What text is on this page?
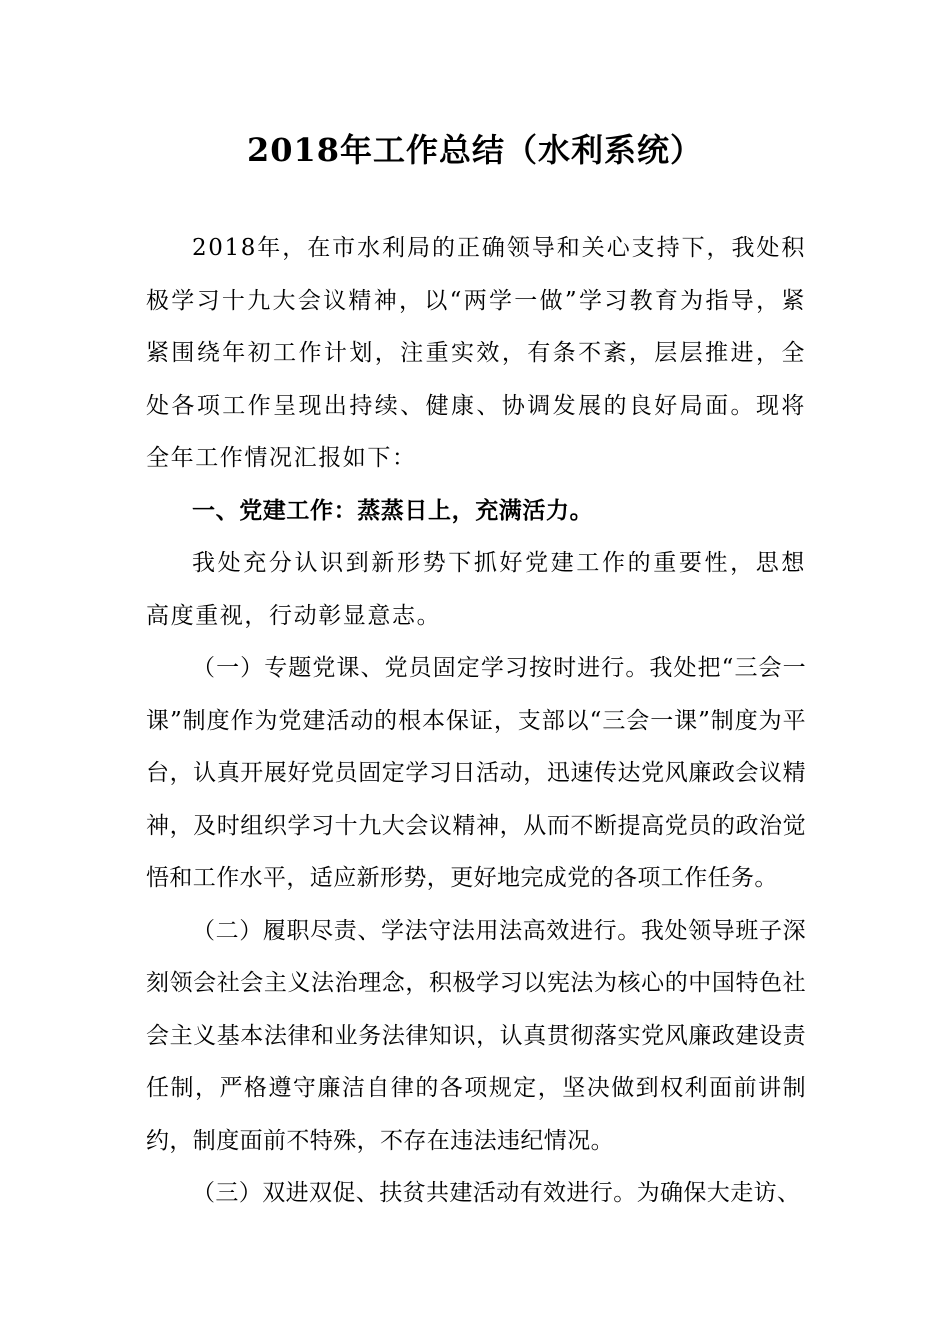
2018年工作总结（水利系统）

2018年，在市水利局的正确领导和关心支持下，我处积极学习十九大会议精神，以“两学一做”学习教育为指导，紧紧围绕年初工作计划，注重实效，有条不紊，层层推进，全处各项工作呈现出持续、健康、协调发展的良好局面。现将全年工作情况汇报如下：

一、党建工作：蒸蒸日上，充满活力。

我处充分认识到新形势下抓好党建工作的重要性，思想高度重视，行动彰显意志。

（一）专题党课、党员固定学习按时进行。我处把“三会一课”制度作为党建活动的根本保证，支部以“三会一课”制度为平台，认真开展好党员固定学习日活动，迅速传达党风廉政会议精神，及时组织学习十九大会议精神，从而不断提高党员的政治觉悟和工作水平，适应新形势，更好地完成党的各项工作任务。

（二）履职尽责、学法守法用法高效进行。我处领导班子深刻领会社会主义法治理念，积极学习以宪法为核心的中国特色社会主义基本法律和业务法律知识，认真贯彻落实党风廉政建设责任制，严格遵守廉洁自律的各项规定，坚决做到权利面前讲制约，制度面前不特殊，不存在违法违纪情况。

（三）双进双促、扶贫共建活动有效进行。为确保大走访、
